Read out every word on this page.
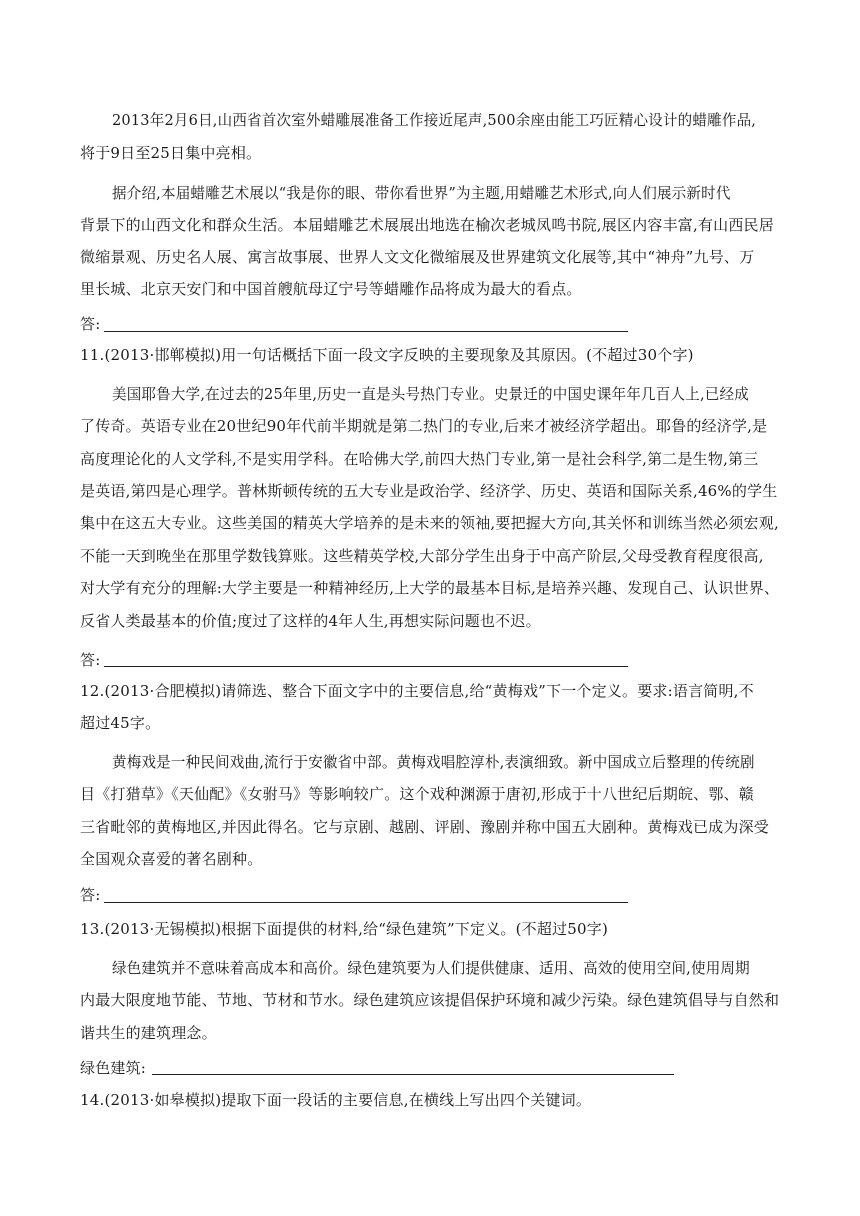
2013年2月6日,山西省首次室外蜡雕展准备工作接近尾声,500余座由能工巧匠精心设计的蜡雕作品,
将于9日至25日集中亮相。
据介绍,本届蜡雕艺术展以“我是你的眼、带你看世界”为主题,用蜡雕艺术形式,向人们展示新时代
背景下的山西文化和群众生活。本届蜡雕艺术展展出地选在榆次老城凤鸣书院,展区内容丰富,有山西民居
微缩景观、历史名人展、寓言故事展、世界人文文化微缩展及世界建筑文化展等,其中“神舟”九号、万
里长城、北京天安门和中国首艘航母辽宁号等蜡雕作品将成为最大的看点。
答:
11.(2013·邯郸模拟)用一句话概括下面一段文字反映的主要现象及其原因。(不超过30个字)
美国耶鲁大学,在过去的25年里,历史一直是头号热门专业。史景迁的中国史课年年几百人上,已经成
了传奇。英语专业在20世纪90年代前半期就是第二热门的专业,后来才被经济学超出。耶鲁的经济学,是
高度理论化的人文学科,不是实用学科。在哈佛大学,前四大热门专业,第一是社会科学,第二是生物,第三
是英语,第四是心理学。普林斯顿传统的五大专业是政治学、经济学、历史、英语和国际关系,46%的学生
集中在这五大专业。这些美国的精英大学培养的是未来的领袖,要把握大方向,其关怀和训练当然必须宏观,
不能一天到晚坐在那里学数钱算账。这些精英学校,大部分学生出身于中高产阶层,父母受教育程度很高,
对大学有充分的理解:大学主要是一种精神经历,上大学的最基本目标,是培养兴趣、发现自己、认识世界、
反省人类最基本的价值;度过了这样的4年人生,再想实际问题也不迟。
答:
12.(2013·合肥模拟)请筛选、整合下面文字中的主要信息,给“黄梅戏”下一个定义。要求:语言简明,不
超过45字。
黄梅戏是一种民间戏曲,流行于安徽省中部。黄梅戏唱腔淳朴,表演细致。新中国成立后整理的传统剧
目《打猎草》《天仙配》《女驸马》等影响较广。这个戏种渊源于唐初,形成于十八世纪后期皖、鄂、赣
三省毗邻的黄梅地区,并因此得名。它与京剧、越剧、评剧、豫剧并称中国五大剧种。黄梅戏已成为深受
全国观众喜爱的著名剧种。
答:
13.(2013·无锡模拟)根据下面提供的材料,给“绿色建筑”下定义。(不超过50字)
绿色建筑并不意味着高成本和高价。绿色建筑要为人们提供健康、适用、高效的使用空间,使用周期
内最大限度地节能、节地、节材和节水。绿色建筑应该提倡保护环境和减少污染。绿色建筑倡导与自然和
谐共生的建筑理念。
绿色建筑:
14.(2013·如皋模拟)提取下面一段话的主要信息,在横线上写出四个关键词。
